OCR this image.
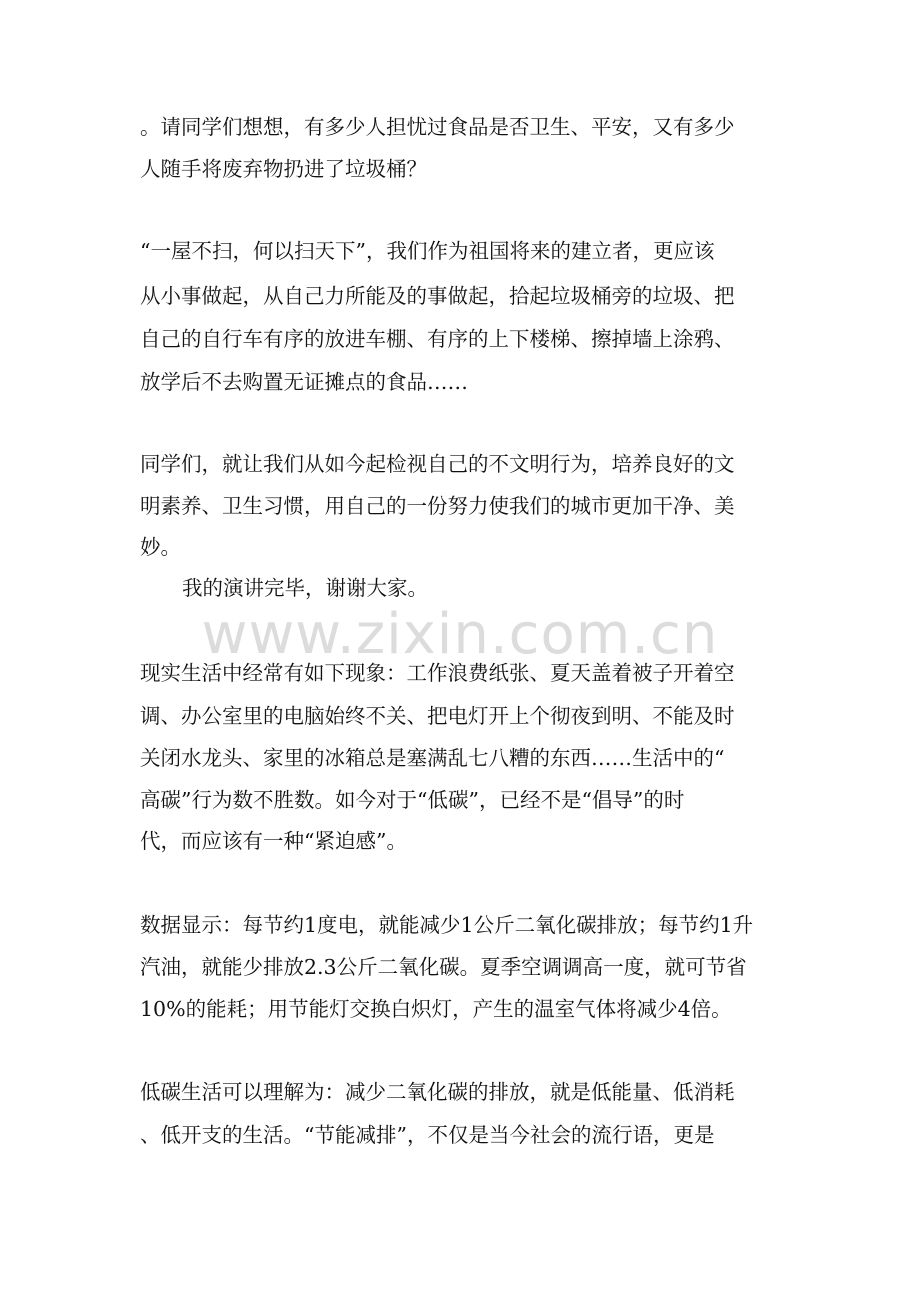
www.zixin.com.cn
。请同学们想想，有多少人担忧过食品是否卫生、平安，又有多少
人随手将废弃物扔进了垃圾桶？
“一屋不扫，何以扫天下”，我们作为祖国将来的建立者，更应该
从小事做起，从自己力所能及的事做起，拾起垃圾桶旁的垃圾、把
自己的自行车有序的放进车棚、有序的上下楼梯、擦掉墙上涂鸦、
放学后不去购置无证摊点的食品……
同学们，就让我们从如今起检视自己的不文明行为，培养良好的文
明素养、卫生习惯，用自己的一份努力使我们的城市更加干净、美
妙。
我的演讲完毕，谢谢大家。
现实生活中经常有如下现象：工作浪费纸张、夏天盖着被子开着空
调、办公室里的电脑始终不关、把电灯开上个彻夜到明、不能及时
关闭水龙头、家里的冰箱总是塞满乱七八糟的东西……生活中的“
高碳”行为数不胜数。如今对于“低碳”，已经不是“倡导”的时
代，而应该有一种“紧迫感”。
数据显示：每节约1度电，就能减少1公斤二氧化碳排放；每节约1升
汽油，就能少排放2.3公斤二氧化碳。夏季空调调高一度，就可节省
10%的能耗；用节能灯交换白炽灯，产生的温室气体将减少4倍。
低碳生活可以理解为：减少二氧化碳的排放，就是低能量、低消耗
、低开支的生活。“节能减排”，不仅是当今社会的流行语，更是
